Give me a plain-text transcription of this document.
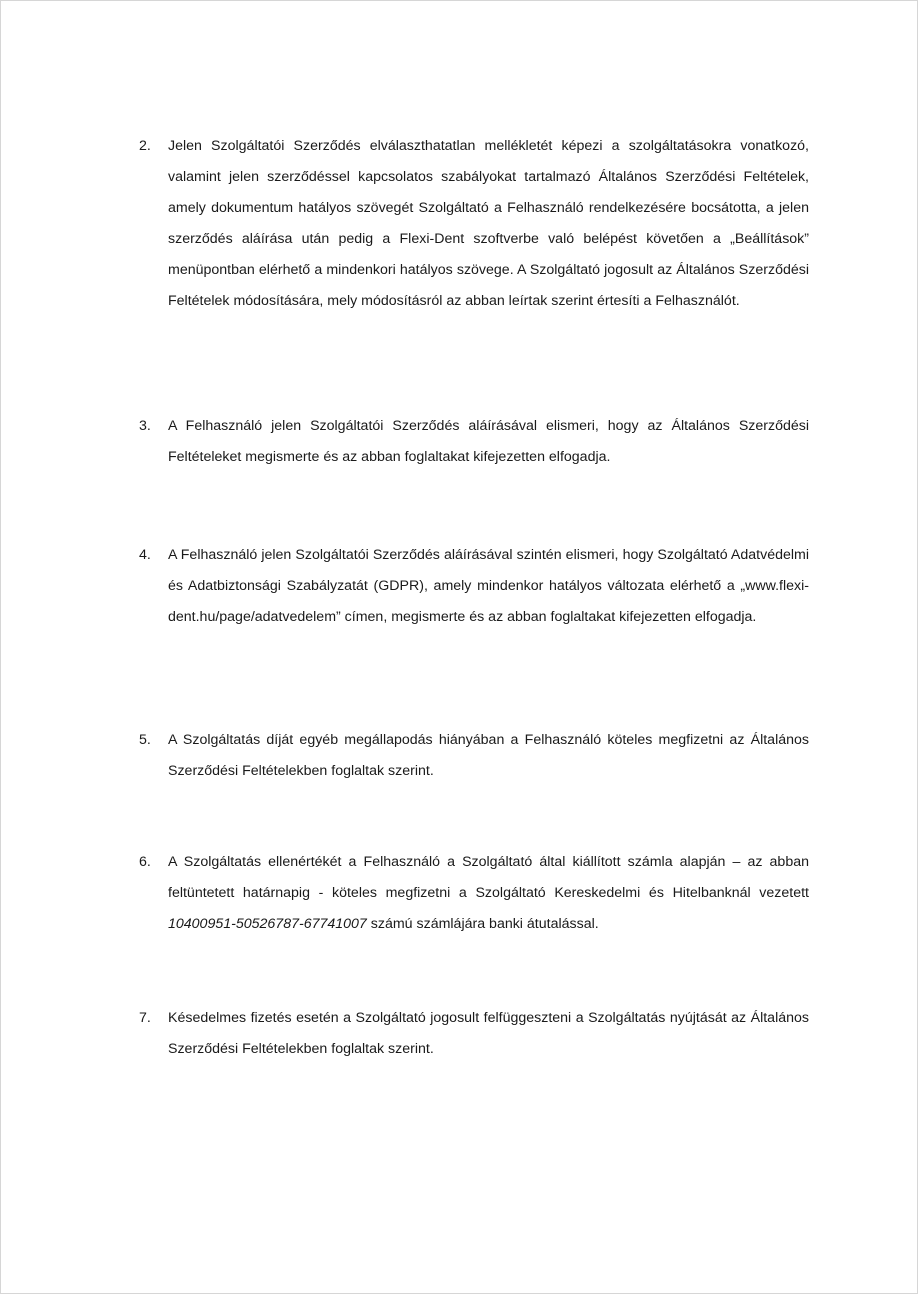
2.	Jelen Szolgáltatói Szerződés elválaszthatatlan mellékletét képezi a szolgáltatásokra vonatkozó, valamint jelen szerződéssel kapcsolatos szabályokat tartalmazó Általános Szerződési Feltételek, amely dokumentum hatályos szövegét Szolgáltató a Felhasználó rendelkezésére bocsátotta, a jelen szerződés aláírása után pedig a Flexi-Dent szoftverbe való belépést követően a „Beállítások” menüpontban elérhető a mindenkori hatályos szövege. A Szolgáltató jogosult az Általános Szerződési Feltételek módosítására, mely módosításról az abban leírtak szerint értesíti a Felhasználót.
3.	A Felhasználó jelen Szolgáltatói Szerződés aláírásával elismeri, hogy az Általános Szerződési Feltételeket megismerte és az abban foglaltakat kifejezetten elfogadja.
4.	A Felhasználó jelen Szolgáltatói Szerződés aláírásával szintén elismeri, hogy Szolgáltató Adatvédelmi és Adatbiztonsági Szabályzatát (GDPR), amely mindenkor hatályos változata elérhető a „www.flexi-dent.hu/page/adatvedelem” címen, megismerte és az abban foglaltakat kifejezetten elfogadja.
5.	A Szolgáltatás díját egyéb megállapodás hiányában a Felhasználó köteles megfizetni az Általános Szerződési Feltételekben foglaltak szerint.
6.	A Szolgáltatás ellenértékét a Felhasználó a Szolgáltató által kiállított számla alapján – az abban feltüntetett határnapig - köteles megfizetni a Szolgáltató Kereskedelmi és Hitelbanknál vezetett 10400951-50526787-67741007 számú számlájára banki átutalással.
7.	Késedelmes fizetés esetén a Szolgáltató jogosult felfüggeszteni a Szolgáltatás nyújtását az Általános Szerződési Feltételekben foglaltak szerint.
